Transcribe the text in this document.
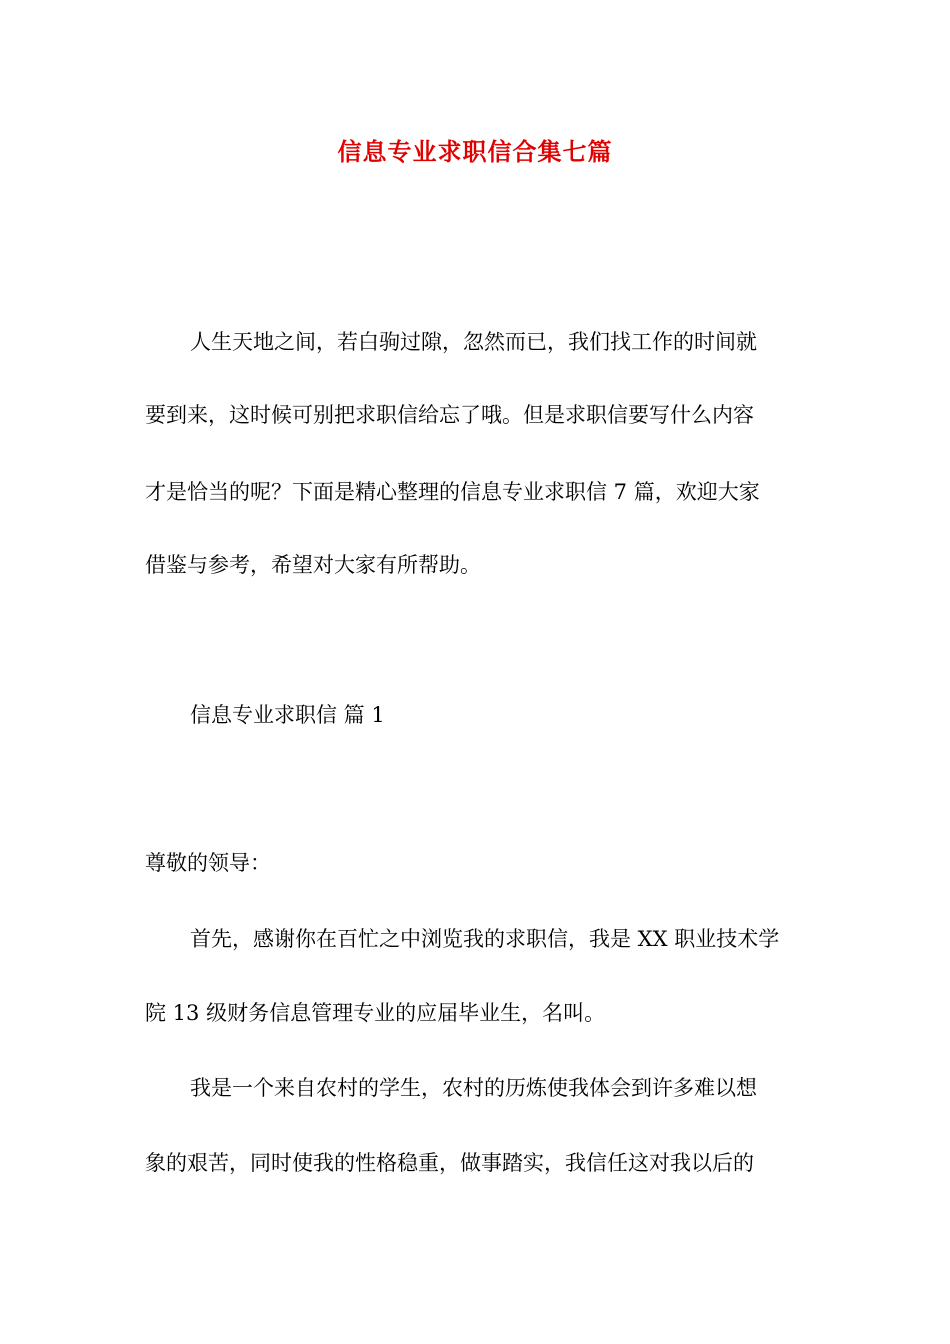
信息专业求职信合集七篇
人生天地之间，若白驹过隙，忽然而已，我们找工作的时间就
要到来，这时候可别把求职信给忘了哦。但是求职信要写什么内容
才是恰当的呢？下面是精心整理的信息专业求职信 7 篇，欢迎大家
借鉴与参考，希望对大家有所帮助。
信息专业求职信 篇 1
尊敬的领导：
首先，感谢你在百忙之中浏览我的求职信，我是 XX 职业技术学
院 13 级财务信息管理专业的应届毕业生，名叫。
我是一个来自农村的学生，农村的历炼使我体会到许多难以想
象的艰苦，同时使我的性格稳重，做事踏实，我信任这对我以后的
